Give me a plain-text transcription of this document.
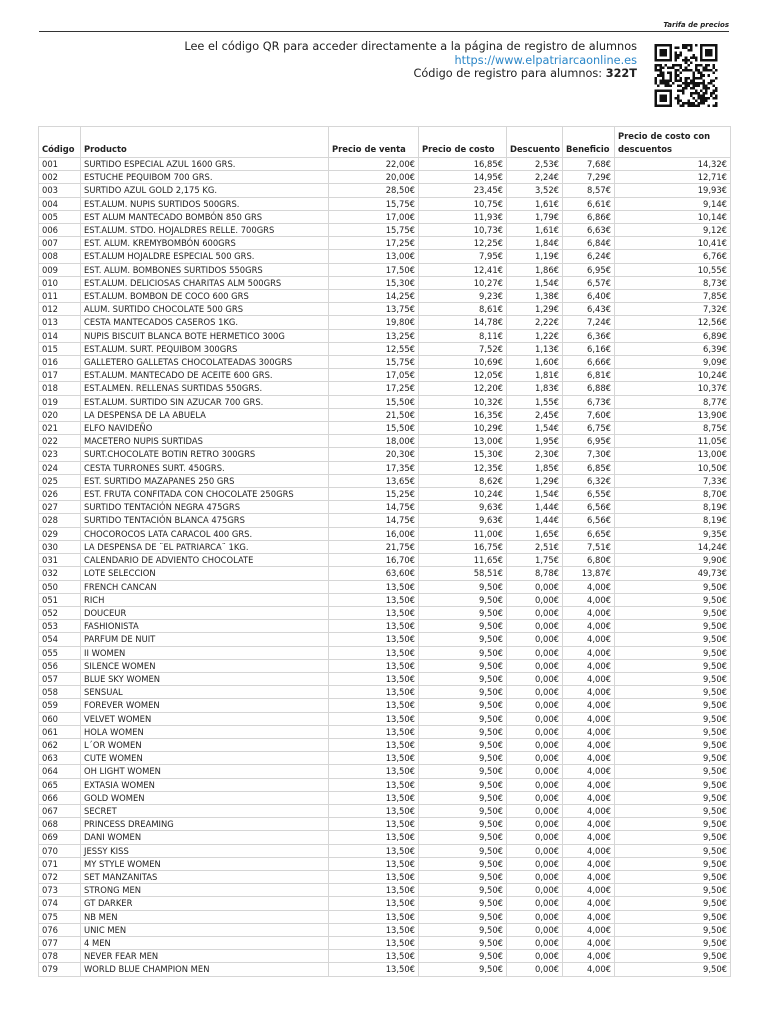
Tarifa de precios
Lee el código QR para acceder directamente a la página de registro de alumnos
https://www.elpatriarcaonline.es
Código de registro para alumnos: 322T
Código	Producto	Precio de venta	Precio de costo	Descuento	Beneficio	Precio de costo con descuentos
001	SURTIDO ESPECIAL AZUL 1600 GRS.	22,00€	16,85€	2,53€	7,68€	14,32€
002	ESTUCHE PEQUIBOM 700 GRS.	20,00€	14,95€	2,24€	7,29€	12,71€
003	SURTIDO AZUL GOLD 2,175 KG.	28,50€	23,45€	3,52€	8,57€	19,93€
004	EST.ALUM. NUPIS SURTIDOS 500GRS.	15,75€	10,75€	1,61€	6,61€	9,14€
005	EST ALUM MANTECADO BOMBÓN 850 GRS	17,00€	11,93€	1,79€	6,86€	10,14€
006	EST.ALUM. STDO. HOJALDRES RELLE. 700GRS	15,75€	10,73€	1,61€	6,63€	9,12€
007	EST. ALUM. KREMYBOMBÓN 600GRS	17,25€	12,25€	1,84€	6,84€	10,41€
008	EST.ALUM HOJALDRE ESPECIAL 500 GRS.	13,00€	7,95€	1,19€	6,24€	6,76€
009	EST. ALUM. BOMBONES SURTIDOS 550GRS	17,50€	12,41€	1,86€	6,95€	10,55€
010	EST.ALUM. DELICIOSAS CHARITAS ALM 500GRS	15,30€	10,27€	1,54€	6,57€	8,73€
011	EST.ALUM. BOMBON DE COCO 600 GRS	14,25€	9,23€	1,38€	6,40€	7,85€
012	ALUM. SURTIDO CHOCOLATE 500 GRS	13,75€	8,61€	1,29€	6,43€	7,32€
013	CESTA MANTECADOS CASEROS 1KG.	19,80€	14,78€	2,22€	7,24€	12,56€
014	NUPIS BISCUIT BLANCA BOTE HERMETICO 300G	13,25€	8,11€	1,22€	6,36€	6,89€
015	EST.ALUM. SURT. PEQUIBOM 300GRS	12,55€	7,52€	1,13€	6,16€	6,39€
016	GALLETERO GALLETAS CHOCOLATEADAS 300GRS	15,75€	10,69€	1,60€	6,66€	9,09€
017	EST.ALUM. MANTECADO DE ACEITE 600 GRS.	17,05€	12,05€	1,81€	6,81€	10,24€
018	EST.ALMEN. RELLENAS SURTIDAS 550GRS.	17,25€	12,20€	1,83€	6,88€	10,37€
019	EST.ALUM. SURTIDO SIN AZUCAR 700 GRS.	15,50€	10,32€	1,55€	6,73€	8,77€
020	LA DESPENSA DE LA ABUELA	21,50€	16,35€	2,45€	7,60€	13,90€
021	ELFO NAVIDEÑO	15,50€	10,29€	1,54€	6,75€	8,75€
022	MACETERO NUPIS SURTIDAS	18,00€	13,00€	1,95€	6,95€	11,05€
023	SURT.CHOCOLATE BOTIN RETRO 300GRS	20,30€	15,30€	2,30€	7,30€	13,00€
024	CESTA TURRONES SURT. 450GRS.	17,35€	12,35€	1,85€	6,85€	10,50€
025	EST. SURTIDO MAZAPANES 250 GRS	13,65€	8,62€	1,29€	6,32€	7,33€
026	EST. FRUTA CONFITADA CON CHOCOLATE 250GRS	15,25€	10,24€	1,54€	6,55€	8,70€
027	SURTIDO TENTACIÓN NEGRA 475GRS	14,75€	9,63€	1,44€	6,56€	8,19€
028	SURTIDO TENTACIÓN BLANCA 475GRS	14,75€	9,63€	1,44€	6,56€	8,19€
029	CHOCOROCOS LATA CARACOL 400 GRS.	16,00€	11,00€	1,65€	6,65€	9,35€
030	LA DESPENSA DE ¨EL PATRIARCA¨ 1KG.	21,75€	16,75€	2,51€	7,51€	14,24€
031	CALENDARIO DE ADVIENTO CHOCOLATE	16,70€	11,65€	1,75€	6,80€	9,90€
032	LOTE SELECCION	63,60€	58,51€	8,78€	13,87€	49,73€
050	FRENCH CANCAN	13,50€	9,50€	0,00€	4,00€	9,50€
051	RICH	13,50€	9,50€	0,00€	4,00€	9,50€
052	DOUCEUR	13,50€	9,50€	0,00€	4,00€	9,50€
053	FASHIONISTA	13,50€	9,50€	0,00€	4,00€	9,50€
054	PARFUM DE NUIT	13,50€	9,50€	0,00€	4,00€	9,50€
055	II WOMEN	13,50€	9,50€	0,00€	4,00€	9,50€
056	SILENCE WOMEN	13,50€	9,50€	0,00€	4,00€	9,50€
057	BLUE SKY WOMEN	13,50€	9,50€	0,00€	4,00€	9,50€
058	SENSUAL	13,50€	9,50€	0,00€	4,00€	9,50€
059	FOREVER WOMEN	13,50€	9,50€	0,00€	4,00€	9,50€
060	VELVET WOMEN	13,50€	9,50€	0,00€	4,00€	9,50€
061	HOLA WOMEN	13,50€	9,50€	0,00€	4,00€	9,50€
062	L´OR WOMEN	13,50€	9,50€	0,00€	4,00€	9,50€
063	CUTE WOMEN	13,50€	9,50€	0,00€	4,00€	9,50€
064	OH LIGHT WOMEN	13,50€	9,50€	0,00€	4,00€	9,50€
065	EXTASIA WOMEN	13,50€	9,50€	0,00€	4,00€	9,50€
066	GOLD WOMEN	13,50€	9,50€	0,00€	4,00€	9,50€
067	SECRET	13,50€	9,50€	0,00€	4,00€	9,50€
068	PRINCESS DREAMING	13,50€	9,50€	0,00€	4,00€	9,50€
069	DANI WOMEN	13,50€	9,50€	0,00€	4,00€	9,50€
070	JESSY KISS	13,50€	9,50€	0,00€	4,00€	9,50€
071	MY STYLE WOMEN	13,50€	9,50€	0,00€	4,00€	9,50€
072	SET MANZANITAS	13,50€	9,50€	0,00€	4,00€	9,50€
073	STRONG MEN	13,50€	9,50€	0,00€	4,00€	9,50€
074	GT DARKER	13,50€	9,50€	0,00€	4,00€	9,50€
075	NB MEN	13,50€	9,50€	0,00€	4,00€	9,50€
076	UNIC MEN	13,50€	9,50€	0,00€	4,00€	9,50€
077	4 MEN	13,50€	9,50€	0,00€	4,00€	9,50€
078	NEVER FEAR MEN	13,50€	9,50€	0,00€	4,00€	9,50€
079	WORLD BLUE CHAMPION MEN	13,50€	9,50€	0,00€	4,00€	9,50€
